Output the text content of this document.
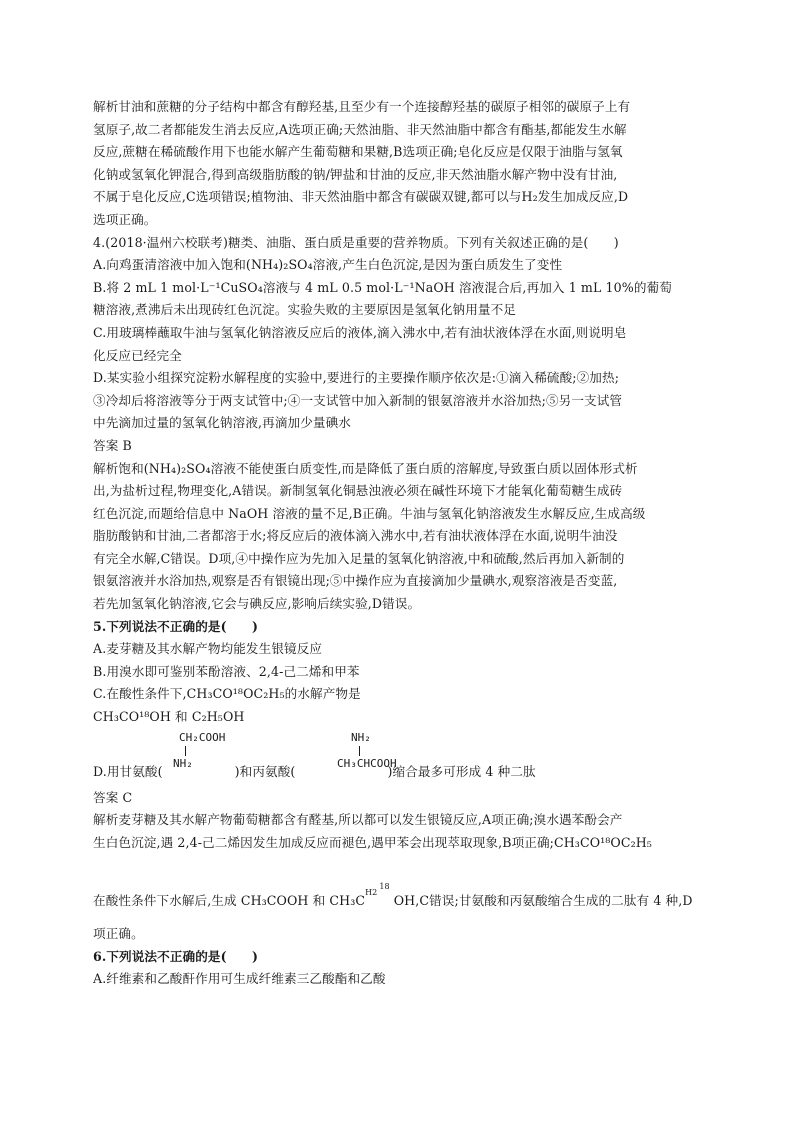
解析甘油和蔗糖的分子结构中都含有醇羟基,且至少有一个连接醇羟基的碳原子相邻的碳原子上有
氢原子,故二者都能发生消去反应,A选项正确;天然油脂、非天然油脂中都含有酯基,都能发生水解
反应,蔗糖在稀硫酸作用下也能水解产生葡萄糖和果糖,B选项正确;皂化反应是仅限于油脂与氢氧
化钠或氢氧化钾混合,得到高级脂肪酸的钠/钾盐和甘油的反应,非天然油脂水解产物中没有甘油,
不属于皂化反应,C选项错误;植物油、非天然油脂中都含有碳碳双键,都可以与H₂发生加成反应,D
选项正确。
4.(2018·温州六校联考)糖类、油脂、蛋白质是重要的营养物质。下列有关叙述正确的是(　　)
A.向鸡蛋清溶液中加入饱和(NH₄)₂SO₄溶液,产生白色沉淀,是因为蛋白质发生了变性
B.将 2 mL 1 mol·L⁻¹CuSO₄溶液与 4 mL 0.5 mol·L⁻¹NaOH 溶液混合后,再加入 1 mL 10%的葡萄
糖溶液,煮沸后未出现砖红色沉淀。实验失败的主要原因是氢氧化钠用量不足
C.用玻璃棒蘸取牛油与氢氧化钠溶液反应后的液体,滴入沸水中,若有油状液体浮在水面,则说明皂
化反应已经完全
D.某实验小组探究淀粉水解程度的实验中,要进行的主要操作顺序依次是:①滴入稀硫酸;②加热;
③冷却后将溶液等分于两支试管中;④一支试管中加入新制的银氨溶液并水浴加热;⑤另一支试管
中先滴加过量的氢氧化钠溶液,再滴加少量碘水
答案 B
解析饱和(NH₄)₂SO₄溶液不能使蛋白质变性,而是降低了蛋白质的溶解度,导致蛋白质以固体形式析
出,为盐析过程,物理变化,A错误。新制氢氧化铜悬浊液必须在碱性环境下才能氧化葡萄糖生成砖
红色沉淀,而题给信息中 NaOH 溶液的量不足,B正确。牛油与氢氧化钠溶液发生水解反应,生成高级
脂肪酸钠和甘油,二者都溶于水;将反应后的液体滴入沸水中,若有油状液体浮在水面,说明牛油没
有完全水解,C错误。D项,④中操作应为先加入足量的氢氧化钠溶液,中和硫酸,然后再加入新制的
银氨溶液并水浴加热,观察是否有银镜出现;⑤中操作应为直接滴加少量碘水,观察溶液是否变蓝,
若先加氢氧化钠溶液,它会与碘反应,影响后续实验,D错误。
5.下列说法不正确的是(　　)
A.麦芽糖及其水解产物均能发生银镜反应
B.用溴水即可鉴别苯酚溶液、2,4-己二烯和甲苯
C.在酸性条件下,CH₃CO¹⁸OC₂H₅的水解产物是
CH₃CO¹⁸OH 和 C₂H₅OH
CH₂COOH
NH₂
NH₂
CH₃CHCOOH
D.用甘氨酸(	)和丙氨酸(	)缩合最多可形成 4 种二肽
答案 C
解析麦芽糖及其水解产物葡萄糖都含有醛基,所以都可以发生银镜反应,A项正确;溴水遇苯酚会产
生白色沉淀,遇 2,4-己二烯因发生加成反应而褪色,遇甲苯会出现萃取现象,B项正确;CH₃CO¹⁸OC₂H₅
在酸性条件下水解后,生成 CH₃COOH 和 $CH_3C^{H218}OH,C$错误;甘氨酸和丙氨酸缩合生成的二肽有 4 种,D
项正确。
6.下列说法不正确的是(　　)
A.纤维素和乙酸酐作用可生成纤维素三乙酸酯和乙酸
